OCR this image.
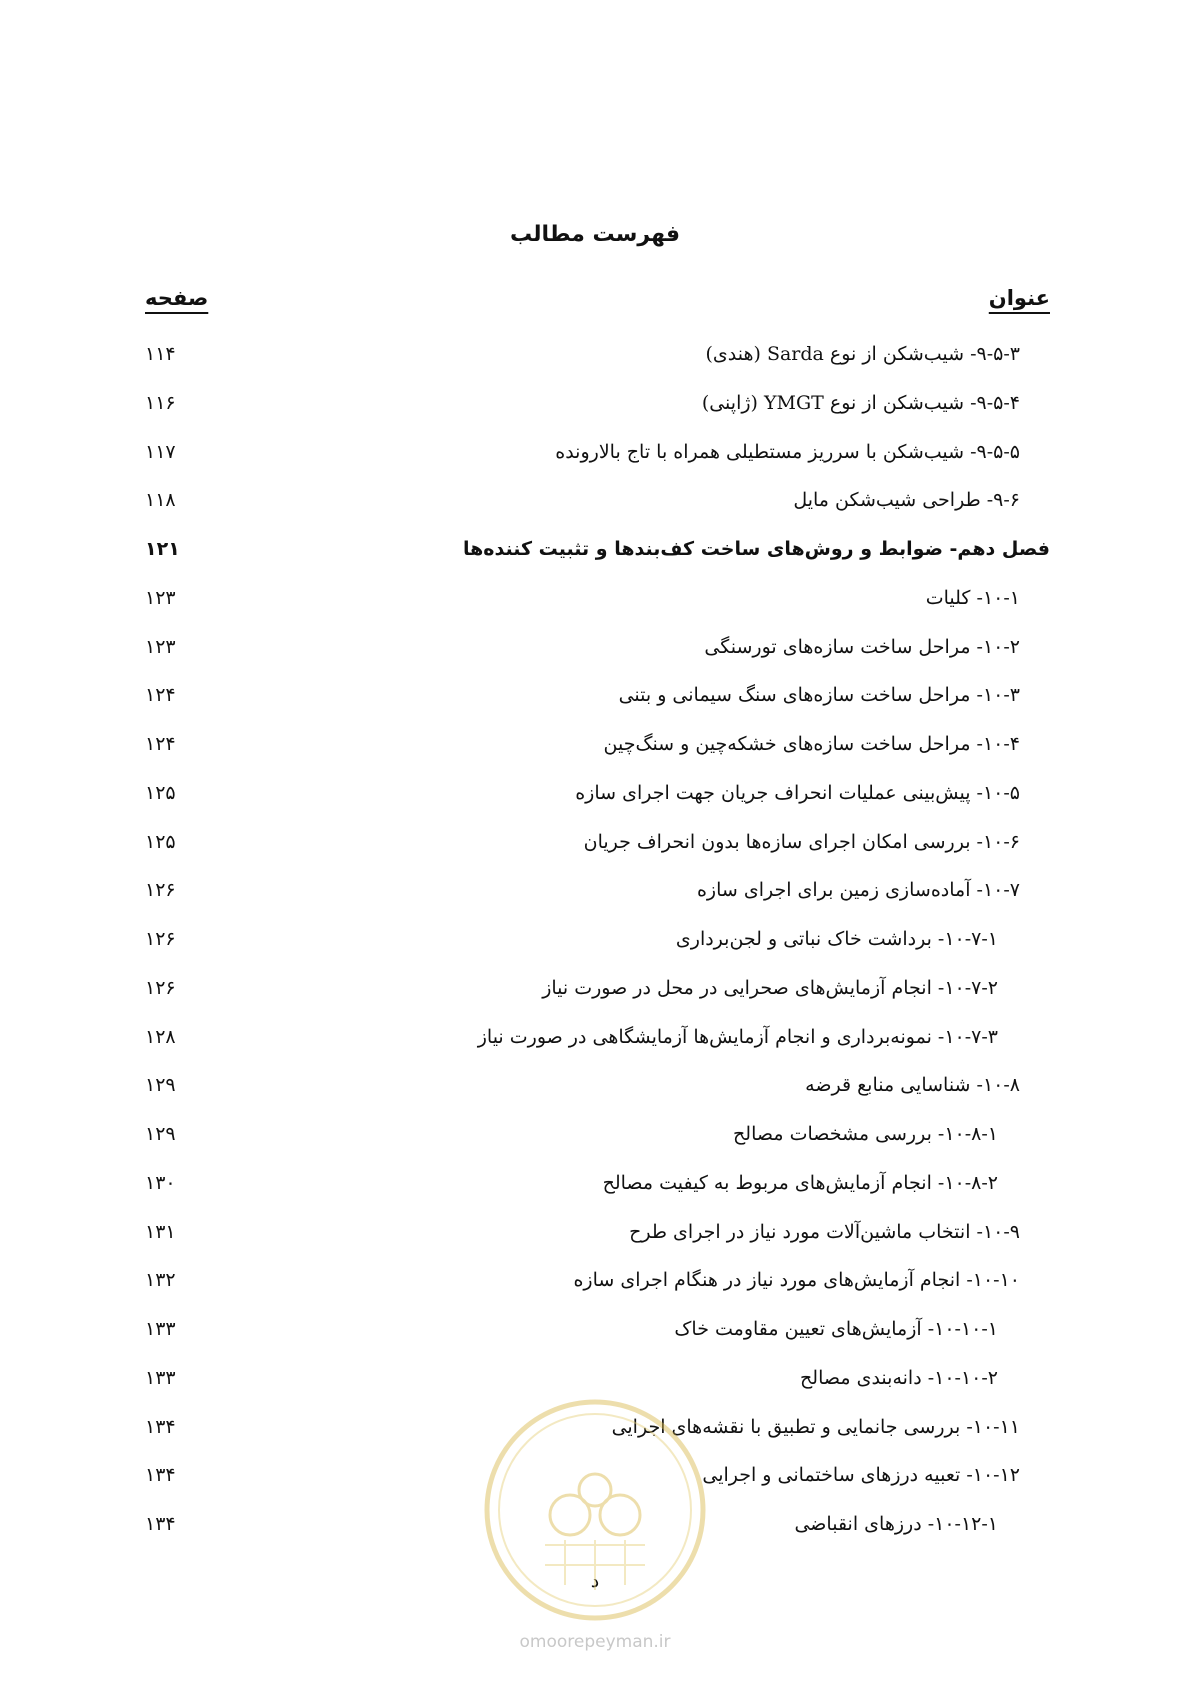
فهرست مطالب
عنوان
صفحه
۹-۵-۳- شیب‌شکن از نوع Sarda (هندی)
۱۱۴
۹-۵-۴- شیب‌شکن از نوع YMGT (ژاپنی)
۱۱۶
۹-۵-۵- شیب‌شکن با سرریز مستطیلی همراه با تاج بالارونده
۱۱۷
۹-۶- طراحی شیب‌شکن مایل
۱۱۸
فصل دهم- ضوابط و روش‌های ساخت کف‌بندها و تثبیت کننده‌ها
۱۲۱
۱۰-۱- کلیات
۱۲۳
۱۰-۲- مراحل ساخت سازه‌های تورسنگی
۱۲۳
۱۰-۳- مراحل ساخت سازه‌های سنگ سیمانی و بتنی
۱۲۴
۱۰-۴- مراحل ساخت سازه‌های خشکه‌چین و سنگ‌چین
۱۲۴
۱۰-۵- پیش‌بینی عملیات انحراف جریان جهت اجرای سازه
۱۲۵
۱۰-۶- بررسی امکان اجرای سازه‌ها بدون انحراف جریان
۱۲۵
۱۰-۷- آماده‌سازی زمین برای اجرای سازه
۱۲۶
۱۰-۷-۱- برداشت خاک نباتی و لجن‌برداری
۱۲۶
۱۰-۷-۲- انجام آزمایش‌های صحرایی در محل در صورت نیاز
۱۲۶
۱۰-۷-۳- نمونه‌برداری و انجام آزمایش‌ها آزمایشگاهی در صورت نیاز
۱۲۸
۱۰-۸- شناسایی منابع قرضه
۱۲۹
۱۰-۸-۱- بررسی مشخصات مصالح
۱۲۹
۱۰-۸-۲- انجام آزمایش‌های مربوط به کیفیت مصالح
۱۳۰
۱۰-۹- انتخاب ماشین‌آلات مورد نیاز در اجرای طرح
۱۳۱
۱۰-۱۰- انجام آزمایش‌های مورد نیاز در هنگام اجرای سازه
۱۳۲
۱۰-۱۰-۱- آزمایش‌های تعیین مقاومت خاک
۱۳۳
۱۰-۱۰-۲- دانه‌بندی مصالح
۱۳۳
۱۰-۱۱- بررسی جانمایی و تطبیق با نقشه‌های اجرایی
۱۳۴
۱۰-۱۲- تعبیه درزهای ساختمانی و اجرایی
۱۳۴
۱۰-۱۲-۱- درزهای انقباضی
۱۳۴
د
omoorepeyman.ir
